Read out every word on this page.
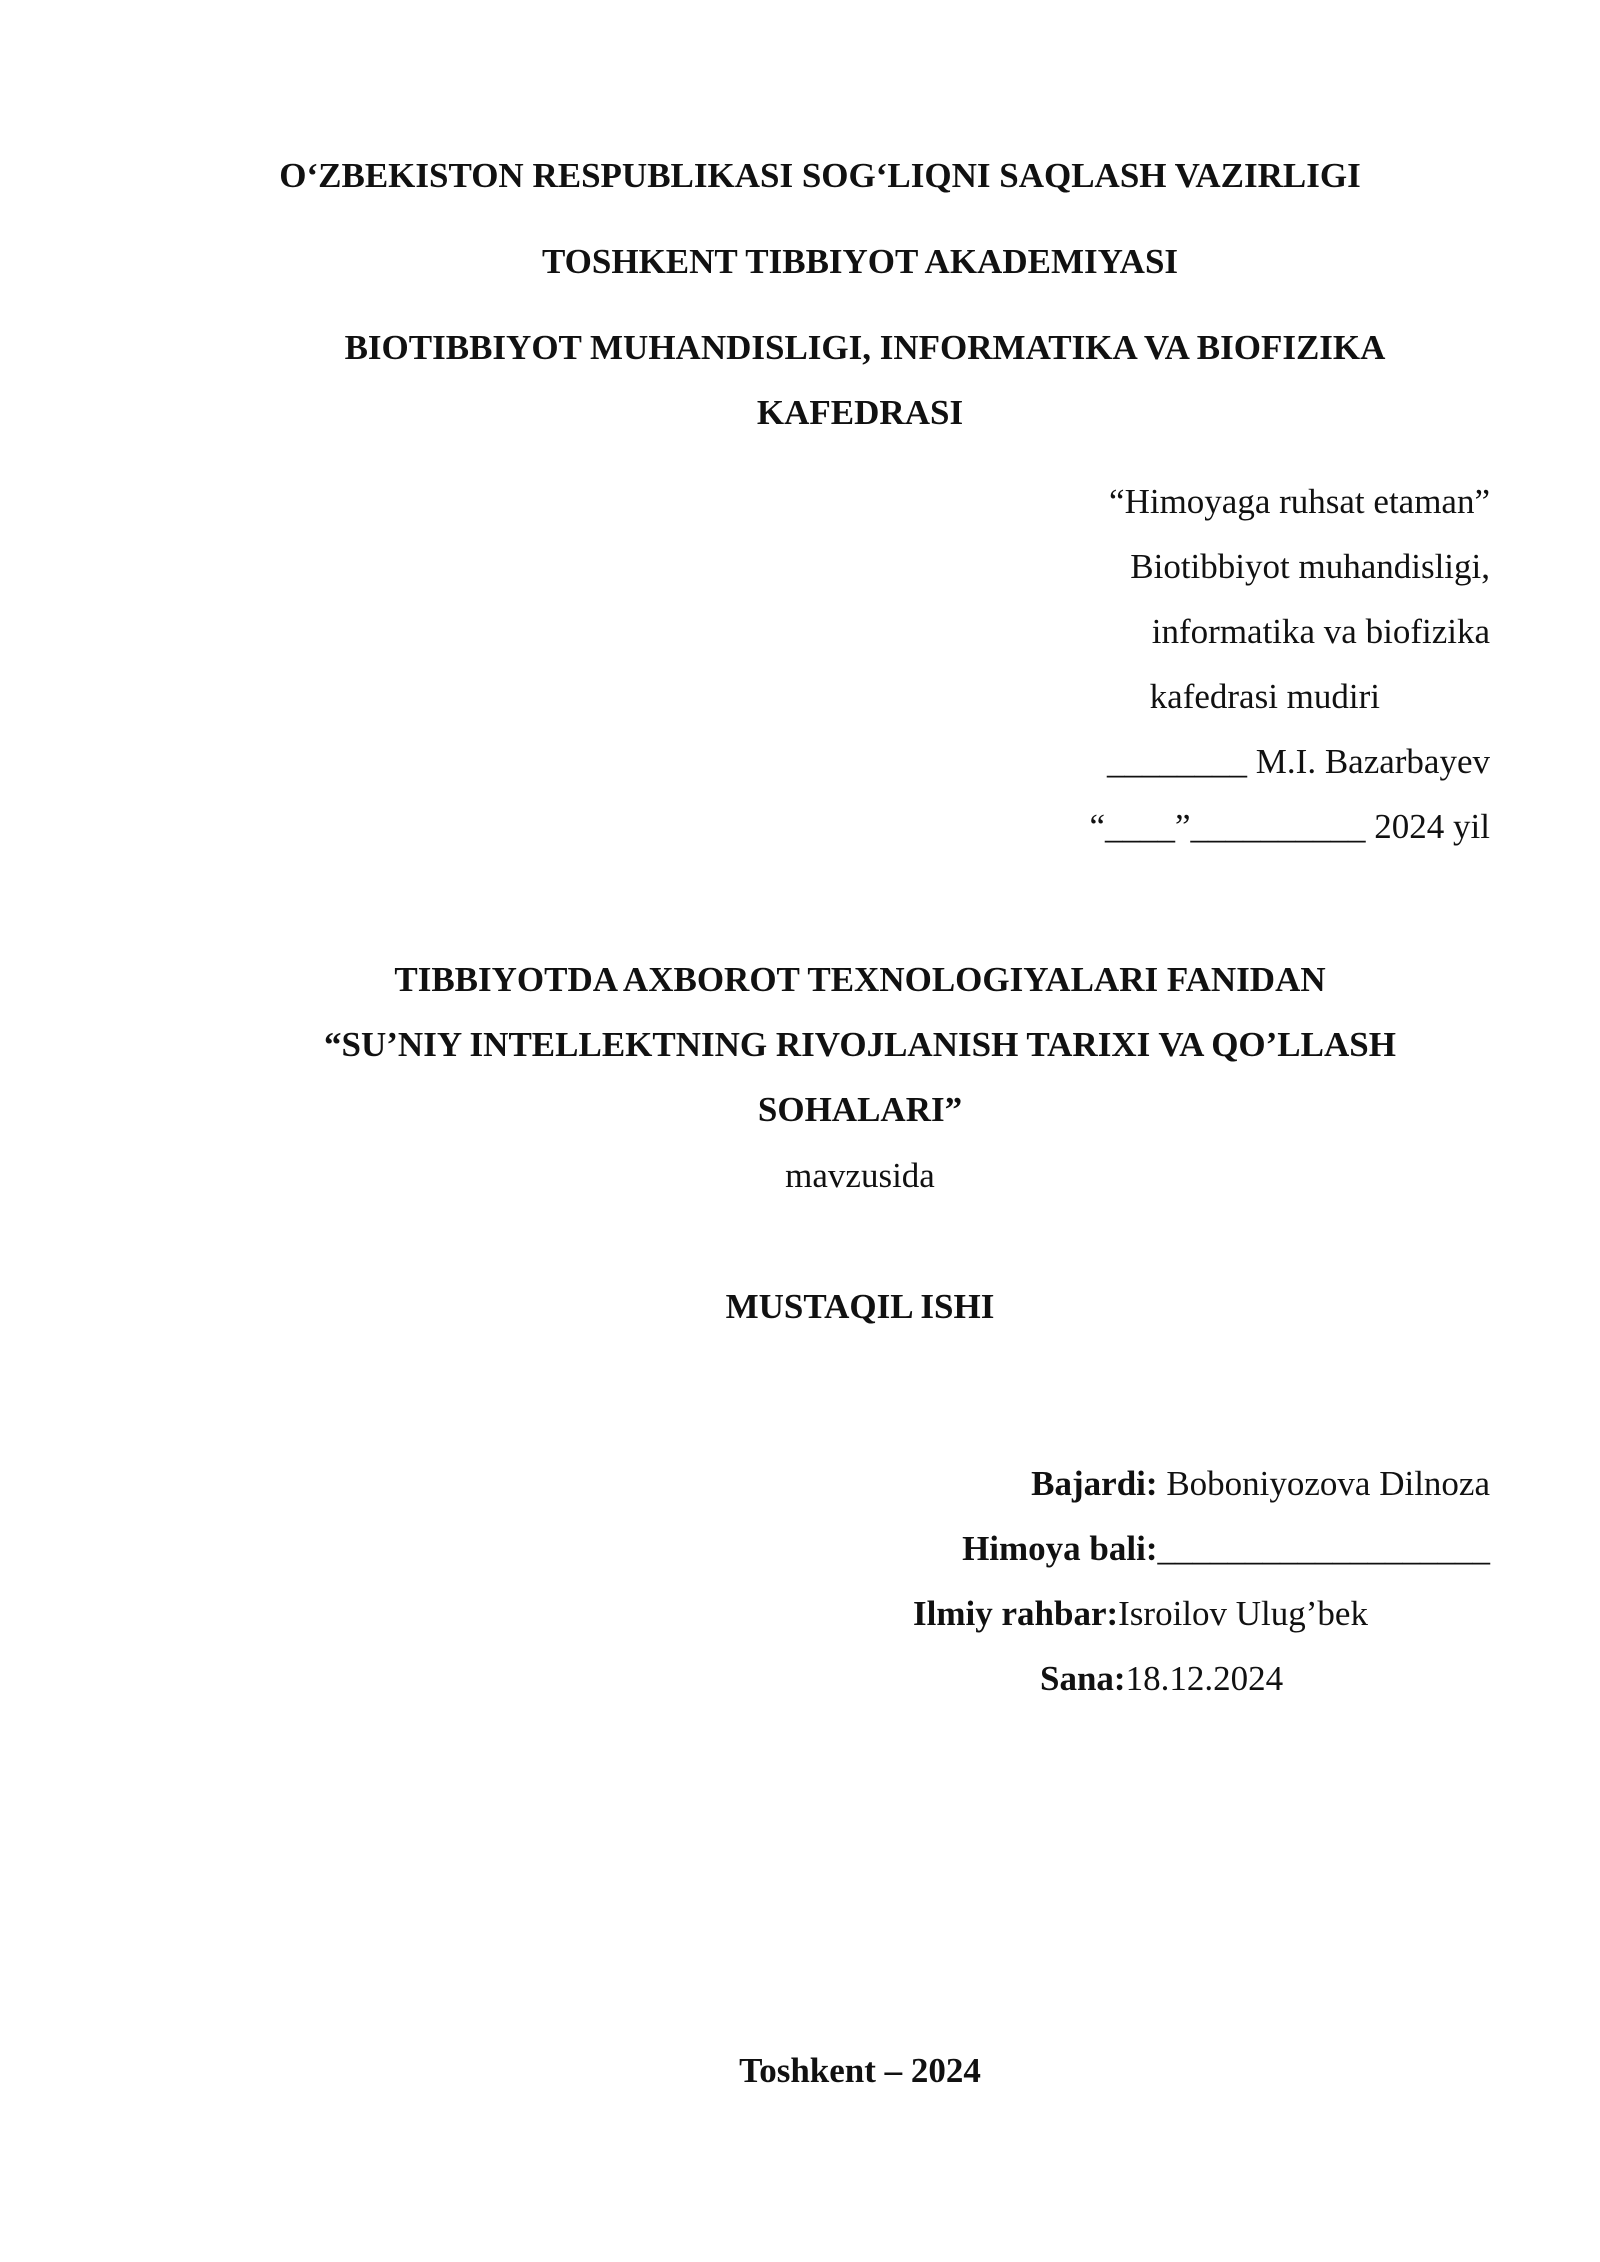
O‘ZBEKISTON RESPUBLIKASI SOG‘LIQNI SAQLASH VAZIRLIGI
TOSHKENT TIBBIYOT AKADEMIYASI
BIOTIBBIYOT MUHANDISLIGI, INFORMATIKA VA BIOFIZIKA
KAFEDRASI
“Himoyaga ruhsat etaman”
Biotibbiyot muhandisligi,
informatika va biofizika
kafedrasi mudiri
________ M.I. Bazarbayev
“____”__________ 2024 yil
TIBBIYOTDA AXBOROT TEXNOLOGIYALARI FANIDAN
“SU’NIY INTELLEKTNING RIVOJLANISH TARIXI VA QO’LLASH
SOHALARI”
mavzusida
MUSTAQIL ISHI
Bajardi: Boboniyozova Dilnoza
Himoya bali:___________________
Ilmiy rahbar:Isroilov Ulug’bek
Sana:18.12.2024
Toshkent – 2024
